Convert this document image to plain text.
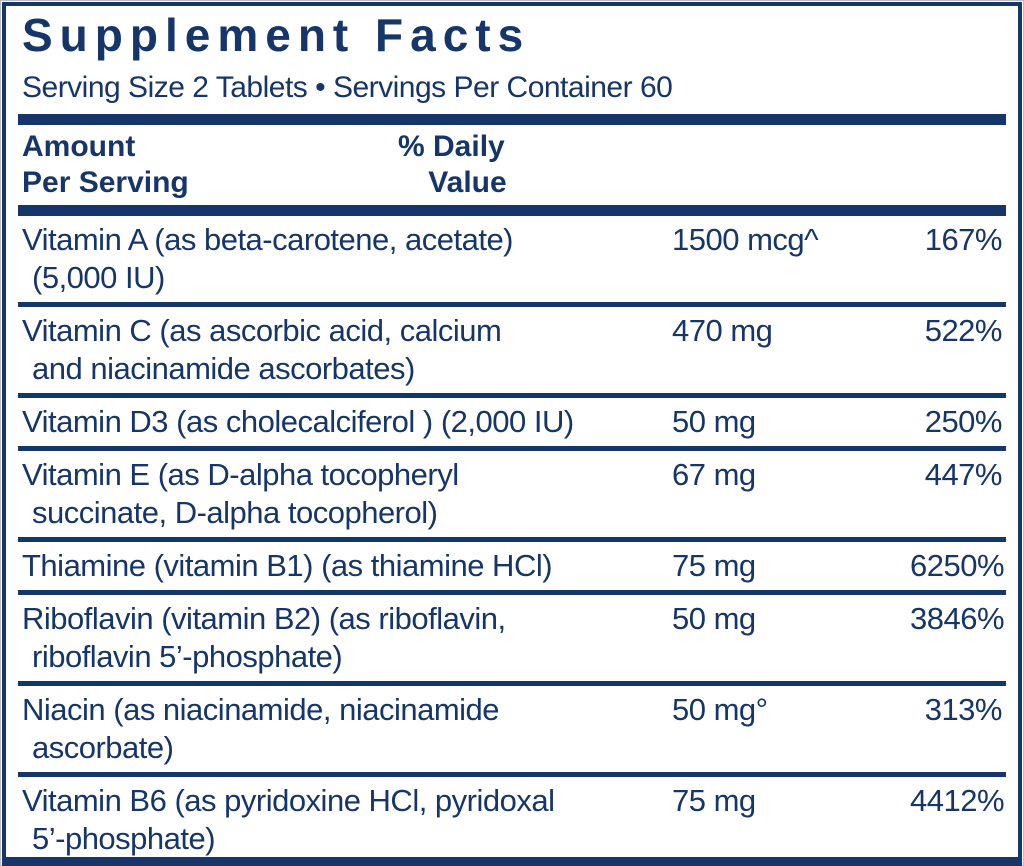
Supplement Facts
Serving Size 2 Tablets • Servings Per Container 60
Amount
Per Serving
% Daily
Value
Vitamin A (as beta-carotene, acetate)
(5,000 IU)
1500 mcg^	167%
Vitamin C (as ascorbic acid, calcium
and niacinamide ascorbates)
470 mg	522%
Vitamin D3 (as cholecalciferol ) (2,000 IU)	50 mg	250%
Vitamin E (as D-alpha tocopheryl
succinate, D-alpha tocopherol)
67 mg	447%
Thiamine (vitamin B1) (as thiamine HCl)	75 mg	6250%
Riboflavin (vitamin B2) (as riboflavin,
riboflavin 5’-phosphate)
50 mg	3846%
Niacin (as niacinamide, niacinamide
ascorbate)
50 mg°	313%
Vitamin B6 (as pyridoxine HCl, pyridoxal
5’-phosphate)
75 mg	4412%
